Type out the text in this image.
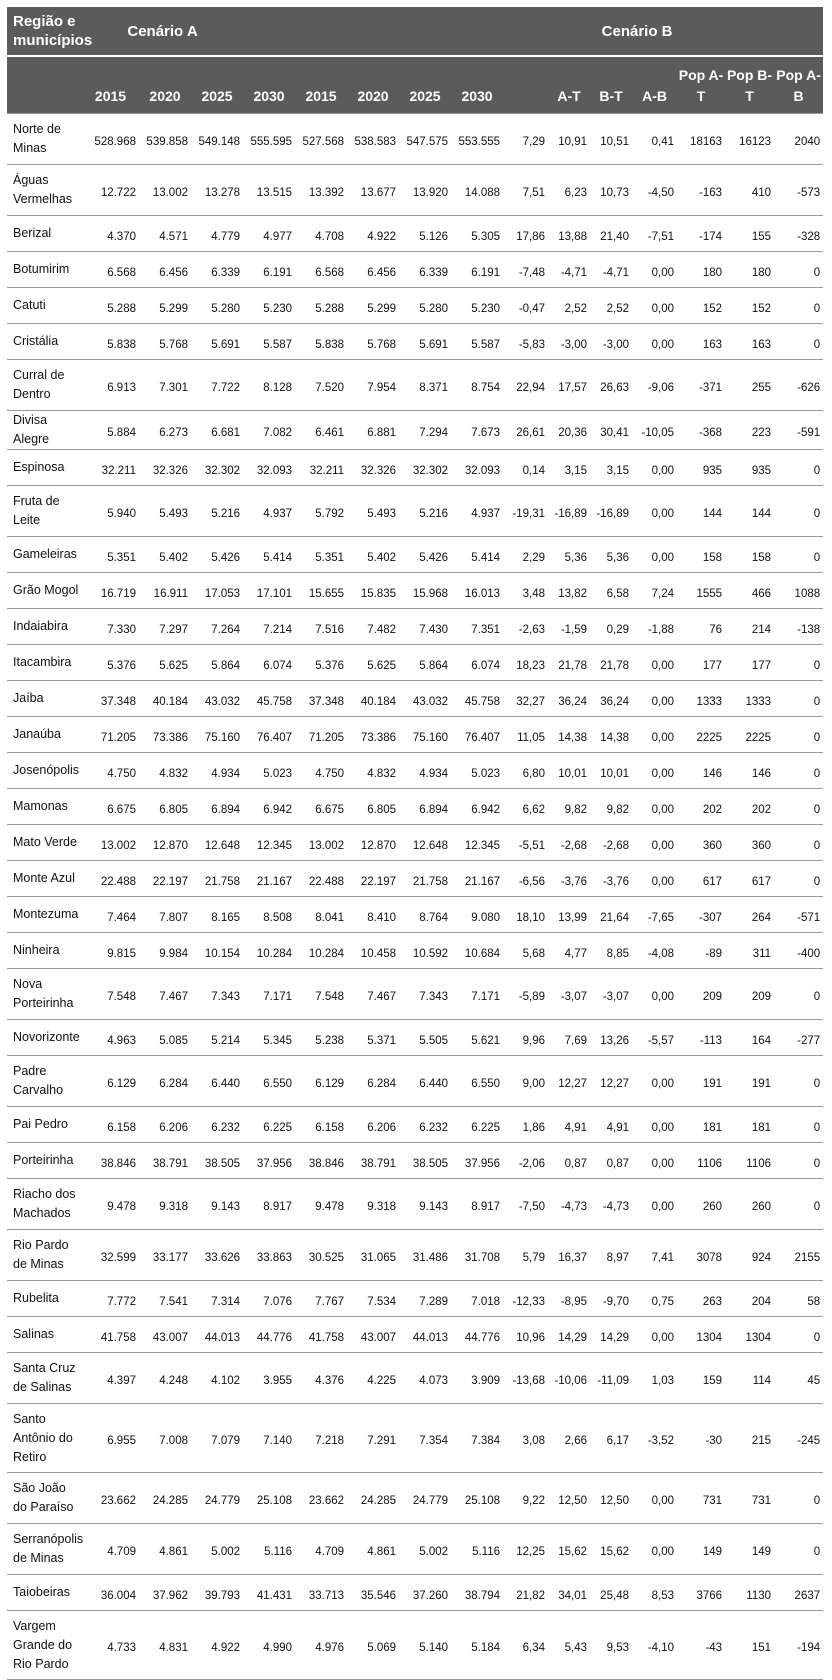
Região e municípios	Cenário A							Cenário B							
	2015	2020	2025	2030	2015	2020	2025	2030		A-T	B-T	A-B	Pop A-T	Pop B-T	Pop A-B
Norte de Minas	528.968	539.858	549.148	555.595	527.568	538.583	547.575	553.555	7,29	10,91	10,51	0,41	18163	16123	2040
Águas Vermelhas	12.722	13.002	13.278	13.515	13.392	13.677	13.920	14.088	7,51	6,23	10,73	-4,50	-163	410	-573
Berizal	4.370	4.571	4.779	4.977	4.708	4.922	5.126	5.305	17,86	13,88	21,40	-7,51	-174	155	-328
Botumirim	6.568	6.456	6.339	6.191	6.568	6.456	6.339	6.191	-7,48	-4,71	-4,71	0,00	180	180	0
Catuti	5.288	5.299	5.280	5.230	5.288	5.299	5.280	5.230	-0,47	2,52	2,52	0,00	152	152	0
Cristália	5.838	5.768	5.691	5.587	5.838	5.768	5.691	5.587	-5,83	-3,00	-3,00	0,00	163	163	0
Curral de Dentro	6.913	7.301	7.722	8.128	7.520	7.954	8.371	8.754	22,94	17,57	26,63	-9,06	-371	255	-626
Divisa Alegre	5.884	6.273	6.681	7.082	6.461	6.881	7.294	7.673	26,61	20,36	30,41	-10,05	-368	223	-591
Espinosa	32.211	32.326	32.302	32.093	32.211	32.326	32.302	32.093	0,14	3,15	3,15	0,00	935	935	0
Fruta de Leite	5.940	5.493	5.216	4.937	5.792	5.493	5.216	4.937	-19,31	-16,89	-16,89	0,00	144	144	0
Gameleiras	5.351	5.402	5.426	5.414	5.351	5.402	5.426	5.414	2,29	5,36	5,36	0,00	158	158	0
Grão Mogol	16.719	16.911	17.053	17.101	15.655	15.835	15.968	16.013	3,48	13,82	6,58	7,24	1555	466	1088
Indaiabira	7.330	7.297	7.264	7.214	7.516	7.482	7.430	7.351	-2,63	-1,59	0,29	-1,88	76	214	-138
Itacambira	5.376	5.625	5.864	6.074	5.376	5.625	5.864	6.074	18,23	21,78	21,78	0,00	177	177	0
Jaíba	37.348	40.184	43.032	45.758	37.348	40.184	43.032	45.758	32,27	36,24	36,24	0,00	1333	1333	0
Janaúba	71.205	73.386	75.160	76.407	71.205	73.386	75.160	76.407	11,05	14,38	14,38	0,00	2225	2225	0
Josenópolis	4.750	4.832	4.934	5.023	4.750	4.832	4.934	5.023	6,80	10,01	10,01	0,00	146	146	0
Mamonas	6.675	6.805	6.894	6.942	6.675	6.805	6.894	6.942	6,62	9,82	9,82	0,00	202	202	0
Mato Verde	13.002	12.870	12.648	12.345	13.002	12.870	12.648	12.345	-5,51	-2,68	-2,68	0,00	360	360	0
Monte Azul	22.488	22.197	21.758	21.167	22.488	22.197	21.758	21.167	-6,56	-3,76	-3,76	0,00	617	617	0
Montezuma	7.464	7.807	8.165	8.508	8.041	8.410	8.764	9.080	18,10	13,99	21,64	-7,65	-307	264	-571
Ninheira	9.815	9.984	10.154	10.284	10.284	10.458	10.592	10.684	5,68	4,77	8,85	-4,08	-89	311	-400
Nova Porteirinha	7.548	7.467	7.343	7.171	7.548	7.467	7.343	7.171	-5,89	-3,07	-3,07	0,00	209	209	0
Novorizonte	4.963	5.085	5.214	5.345	5.238	5.371	5.505	5.621	9,96	7,69	13,26	-5,57	-113	164	-277
Padre Carvalho	6.129	6.284	6.440	6.550	6.129	6.284	6.440	6.550	9,00	12,27	12,27	0,00	191	191	0
Pai Pedro	6.158	6.206	6.232	6.225	6.158	6.206	6.232	6.225	1,86	4,91	4,91	0,00	181	181	0
Porteirinha	38.846	38.791	38.505	37.956	38.846	38.791	38.505	37.956	-2,06	0,87	0,87	0,00	1106	1106	0
Riacho dos Machados	9.478	9.318	9.143	8.917	9.478	9.318	9.143	8.917	-7,50	-4,73	-4,73	0,00	260	260	0
Rio Pardo de Minas	32.599	33.177	33.626	33.863	30.525	31.065	31.486	31.708	5,79	16,37	8,97	7,41	3078	924	2155
Rubelita	7.772	7.541	7.314	7.076	7.767	7.534	7.289	7.018	-12,33	-8,95	-9,70	0,75	263	204	58
Salinas	41.758	43.007	44.013	44.776	41.758	43.007	44.013	44.776	10,96	14,29	14,29	0,00	1304	1304	0
Santa Cruz de Salinas	4.397	4.248	4.102	3.955	4.376	4.225	4.073	3.909	-13,68	-10,06	-11,09	1,03	159	114	45
Santo Antônio do Retiro	6.955	7.008	7.079	7.140	7.218	7.291	7.354	7.384	3,08	2,66	6,17	-3,52	-30	215	-245
São João do Paraíso	23.662	24.285	24.779	25.108	23.662	24.285	24.779	25.108	9,22	12,50	12,50	0,00	731	731	0
Serranópolis de Minas	4.709	4.861	5.002	5.116	4.709	4.861	5.002	5.116	12,25	15,62	15,62	0,00	149	149	0
Taiobeiras	36.004	37.962	39.793	41.431	33.713	35.546	37.260	38.794	21,82	34,01	25,48	8,53	3766	1130	2637
Vargem Grande do Rio Pardo	4.733	4.831	4.922	4.990	4.976	5.069	5.140	5.184	6,34	5,43	9,53	-4,10	-43	151	-194
